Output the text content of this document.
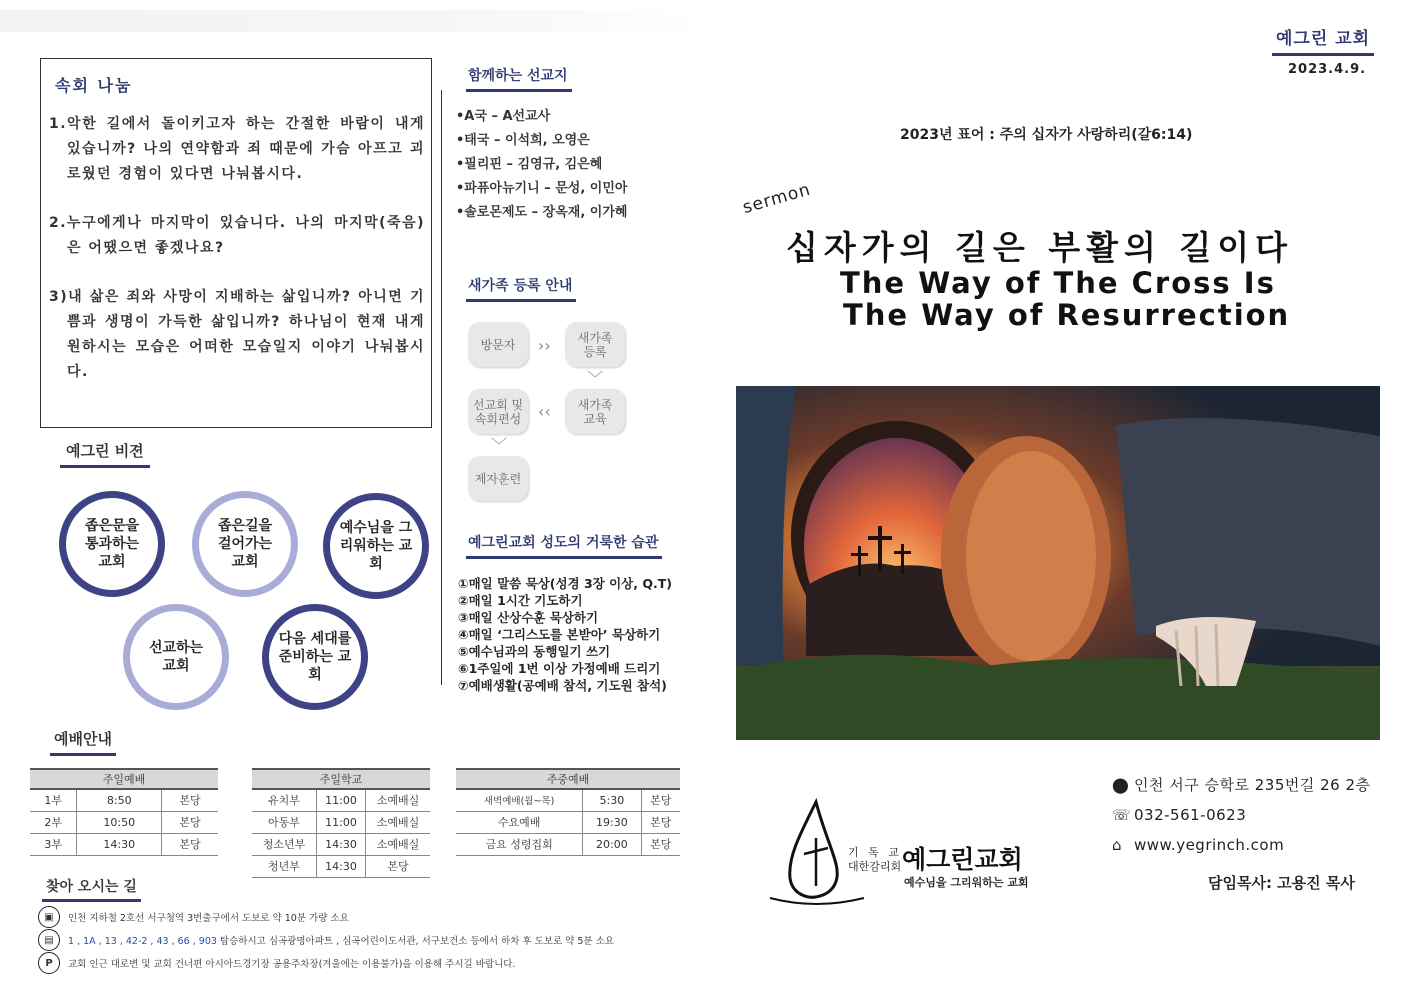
속회 나눔

1.악한 길에서 돌이키고자 하는 간절한 바람이 내게 있습니까? 나의 연약함과 죄 때문에 가슴 아프고 괴로웠던 경험이 있다면 나눠봅시다.

2.누구에게나 마지막이 있습니다. 나의 마지막(죽음)은 어땠으면 좋겠나요?

3)내 삶은 죄와 사망이 지배하는 삶입니까? 아니면 기쁨과 생명이 가득한 삶입니까? 하나님이 현재 내게 원하시는 모습은 어떠한 모습일지 이야기 나눠봅시다.

예그린 비젼
좁은문을 통과하는 교회
좁은길을 걸어가는 교회
예수님을 그리워하는 교회
선교하는 교회
다음 세대를 준비하는 교회
함께하는 선교지
•A국 – A선교사
•태국 – 이석희, 오영은
•필리핀 – 김영규, 김은혜
•파퓨아뉴기니 – 문성, 이민아
•솔로몬제도 – 장옥재, 이가혜
새가족 등록 안내
방문자 ›› 새가족 등록
﹀
새가족 교육
‹‹
선교회 및 속회편성
﹀
제자훈련
예그린교회 성도의 거룩한 습관
①매일 말씀 묵상(성경 3장 이상, Q.T)
②매일 1시간 기도하기
③매일 산상수훈 묵상하기
④매일 ‘그리스도를 본받아’ 묵상하기
⑤예수님과의 동행일기 쓰기
⑥1주일에 1번 이상 가정예배 드리기
⑦예배생활(공예배 참석, 기도원 참석)
예배안내
주일예배		
1부	8:50	본당
2부	10:50	본당
3부	14:30	본당
주일학교		
유치부	11:00	소예배실
아동부	11:00	소예배실
청소년부	14:30	소예배실
청년부	14:30	본당
주중예배		
새벽예배(월~목)	5:30	본당
수요예배	19:30	본당
금요 성령집회	20:00	본당
찾아 오시는 길
▣	인천 지하철 2호선 서구청역 3번출구에서 도보로 약 10분 가량 소요
▤	1 , 1A , 13 , 42-2 , 43 , 66 , 903 탑승하시고 심곡광명아파트 , 심곡어린이도서관, 서구보건소 등에서 하차 후 도보로 약 5분 소요
P	교회 인근 대로변 및 교회 건너편 아시아드경기장 공용주차장(겨울에는 이용불가)을 이용해 주시길 바랍니다.
예그린 교회
2023.4.9.
2023년 표어 : 주의 십자가 사랑하리(갈6:14)
sermon
십자가의 길은 부활의 길이다
The Way of The Cross Is
The Way of Resurrection
⬤ 인천 서구 승학로 235번길 26 2층
☏ 032-561-0623
⌂ www.yegrinch.com
담임목사: 고용진 목사
기 독 교
대한감리회 예그린교회
예수님을 그리워하는 교회
